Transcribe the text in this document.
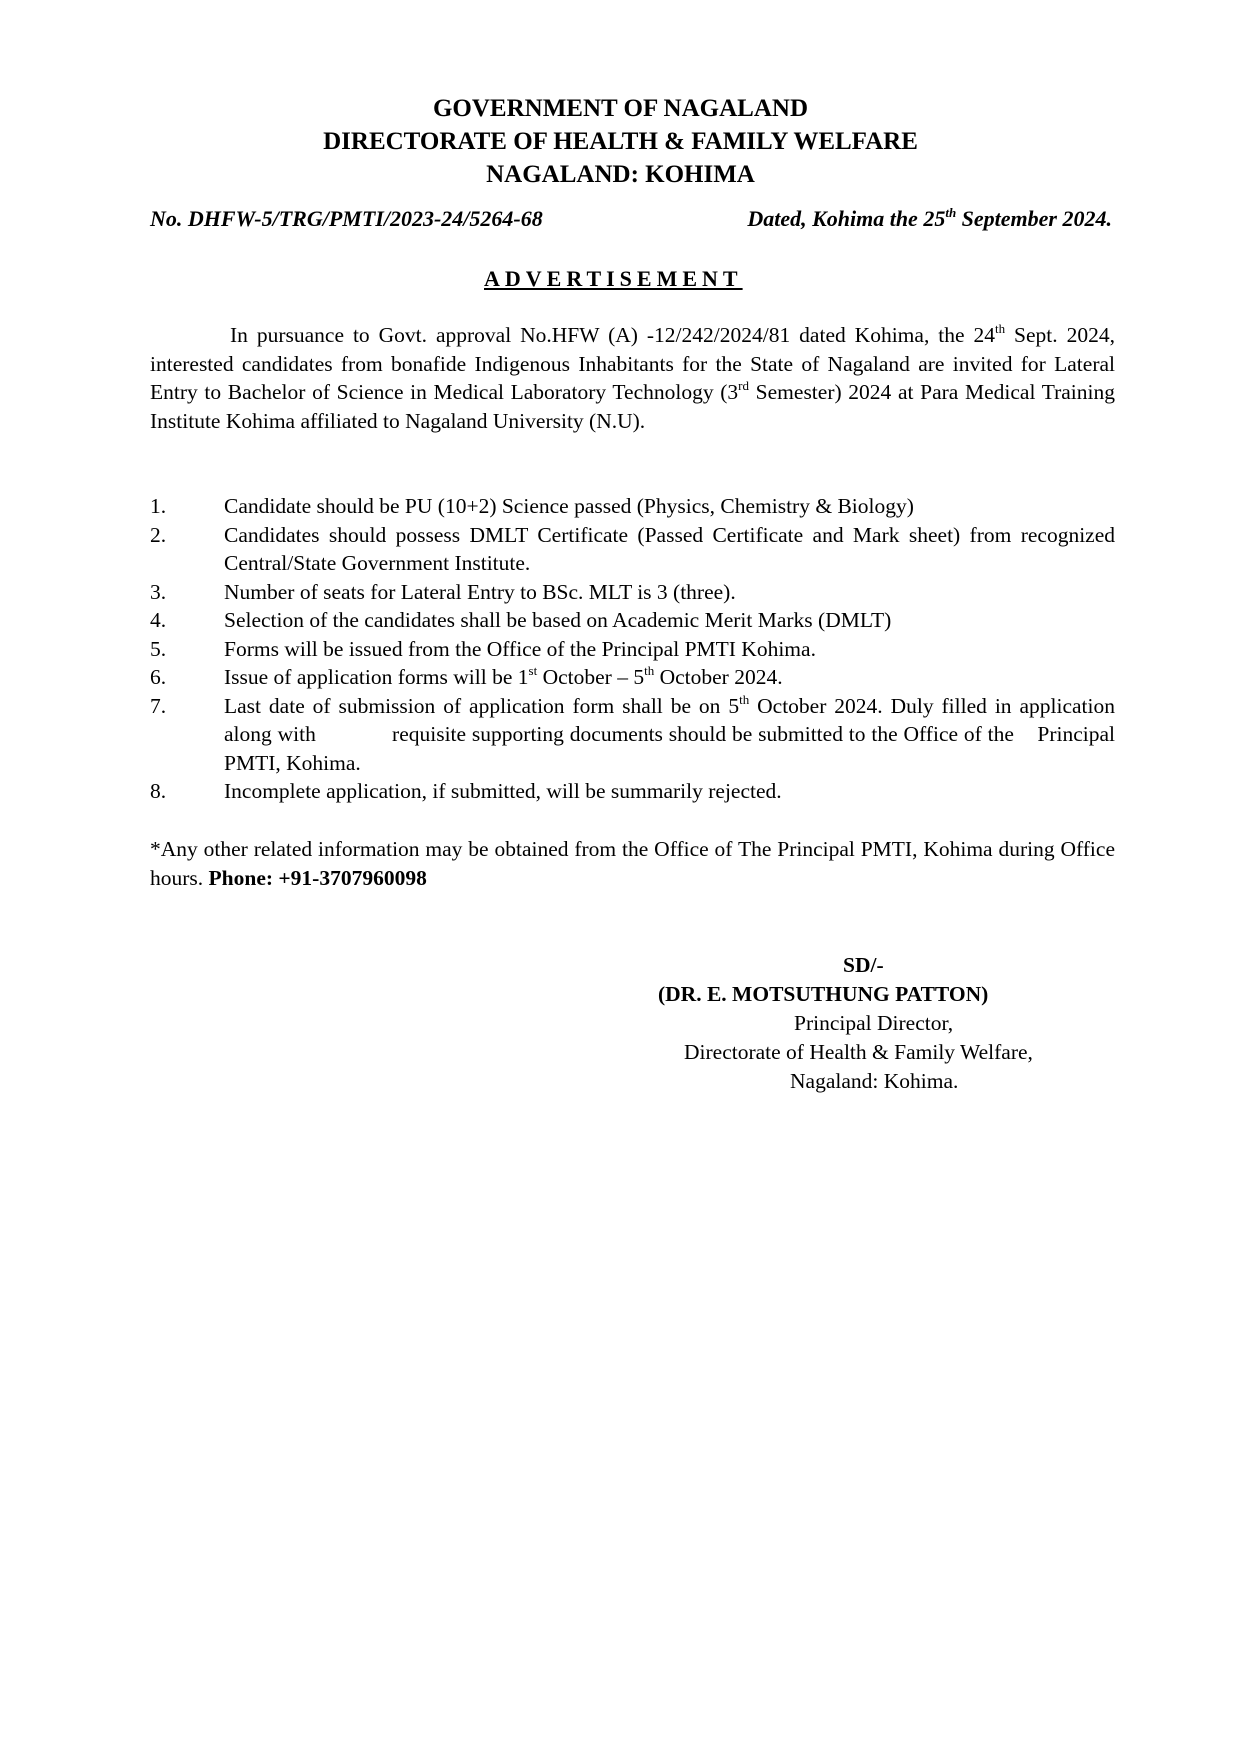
GOVERNMENT OF NAGALAND
DIRECTORATE OF HEALTH & FAMILY WELFARE
NAGALAND: KOHIMA
No. DHFW-5/TRG/PMTI/2023-24/5264-68	Dated, Kohima the 25th September 2024.
ADVERTISEMENT
In pursuance to Govt. approval No.HFW (A) -12/242/2024/81 dated Kohima, the 24th Sept. 2024, interested candidates from bonafide Indigenous Inhabitants for the State of Nagaland are invited for Lateral Entry to Bachelor of Science in Medical Laboratory Technology (3rd Semester) 2024 at Para Medical Training Institute Kohima affiliated to Nagaland University (N.U).
1.	Candidate should be PU (10+2) Science passed (Physics, Chemistry & Biology)
2.	Candidates should possess DMLT Certificate (Passed Certificate and Mark sheet) from recognized Central/State Government Institute.
3.	Number of seats for Lateral Entry to BSc. MLT is 3 (three).
4.	Selection of the candidates shall be based on Academic Merit Marks (DMLT)
5.	Forms will be issued from the Office of the Principal PMTI Kohima.
6.	Issue of application forms will be 1st October – 5th October 2024.
7.	Last date of submission of application form shall be on 5th October 2024. Duly filled in application along with             requisite supporting documents should be submitted to the Office of the    Principal PMTI, Kohima.
8.	Incomplete application, if submitted, will be summarily rejected.
*Any other related information may be obtained from the Office of The Principal PMTI, Kohima during Office hours. Phone: +91-3707960098
SD/-
(DR. E. MOTSUTHUNG PATTON)
Principal Director,
Directorate of Health & Family Welfare,
Nagaland: Kohima.
